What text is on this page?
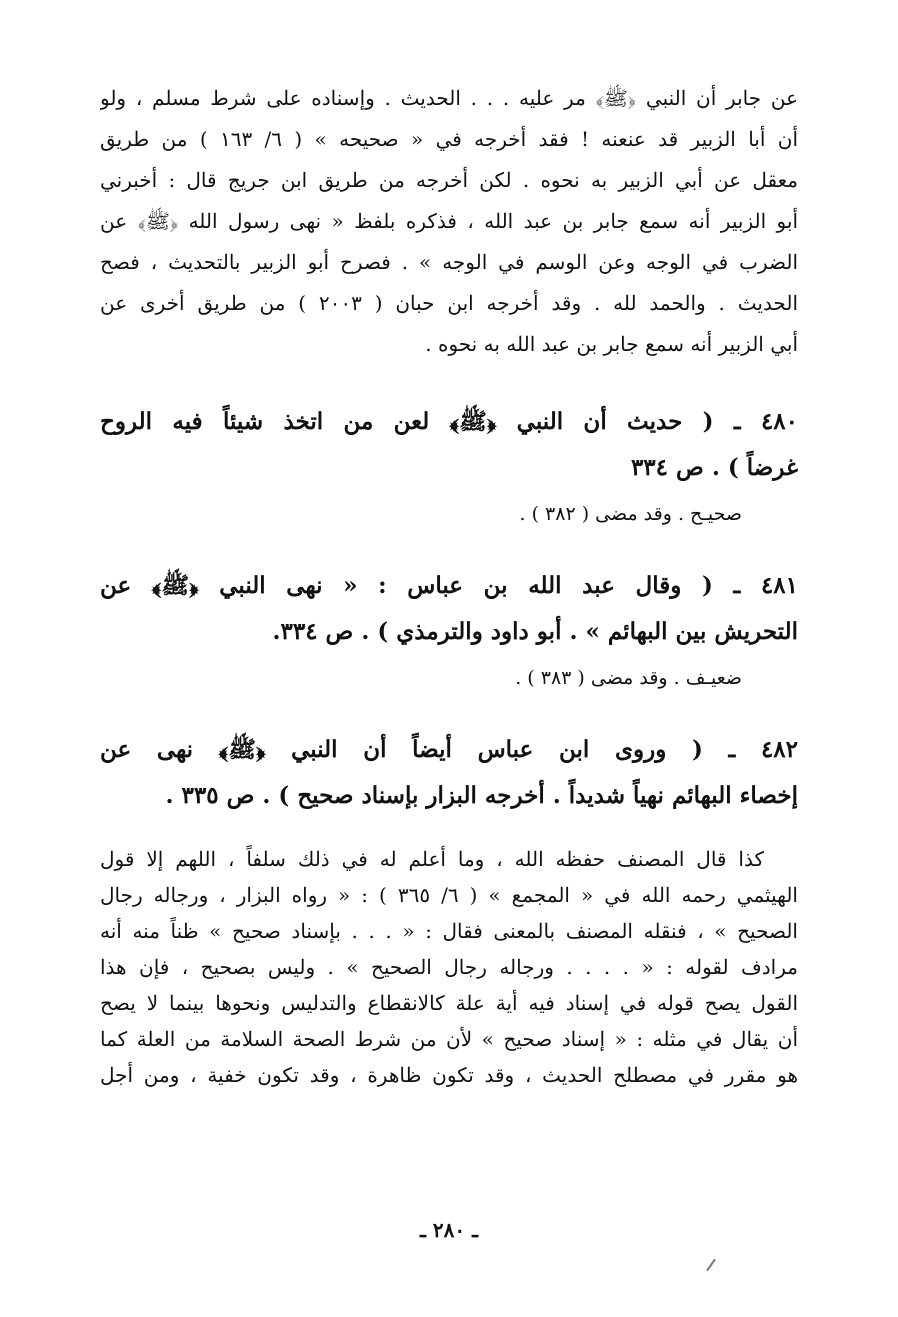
عن جابر أن النبي ﴿ﷺ﴾ مر عليه . . . الحديث . وإسناده على شرط مسلم ، ولو
أن أبا الزبير قد عنعنه ! فقد أخرجه في « صحيحه » ( ٦/ ١٦٣ ) من طريق
معقل عن أبي الزبير به نحوه . لكن أخرجه من طريق ابن جريج قال : أخبرني
أبو الزبير أنه سمع جابر بن عبد الله ، فذكره بلفظ « نهى رسول الله ﴿ﷺ﴾ عن
الضرب في الوجه وعن الوسم في الوجه » . فصرح أبو الزبير بالتحديث ، فصح
الحديث . والحمد لله . وقد أخرجه ابن حبان ( ٢٠٠٣ ) من طريق أخرى عن
أبي الزبير أنه سمع جابر بن عبد الله به نحوه .
٤٨٠ ـ ( حديث أن النبي ﴿ﷺ﴾ لعن من اتخذ شيئاً فيه الروح
غرضاً ) . ص ٣٣٤
صحيـح . وقد مضى ( ٣٨٢ ) .
٤٨١ ـ ( وقال عبد الله بن عباس : « نهى النبي ﴿ﷺ﴾ عن
التحريش بين البهائم » . أبو داود والترمذي ) . ص ٣٣٤.
ضعيـف . وقد مضى ( ٣٨٣ ) .
٤٨٢ ـ ( وروى ابن عباس أيضاً أن النبي ﴿ﷺ﴾ نهى عن
إخصاء البهائم نهياً شديداً . أخرجه البزار بإسناد صحيح ) . ص ٣٣٥ .
كذا قال المصنف حفظه الله ، وما أعلم له في ذلك سلفاً ، اللهم إلا قول
الهيثمي رحمه الله في « المجمع » ( ٦/ ٣٦٥ ) : « رواه البزار ، ورجاله رجال
الصحيح » ، فنقله المصنف بالمعنى فقال : « . . . بإسناد صحيح » ظناً منه أنه
مرادف لقوله : « . . . . ورجاله رجال الصحيح » . وليس بصحيح ، فإن هذا
القول يصح قوله في إسناد فيه أية علة كالانقطاع والتدليس ونحوها بينما لا يصح
أن يقال في مثله : « إسناد صحيح » لأن من شرط الصحة السلامة من العلة كما
هو مقرر في مصطلح الحديث ، وقد تكون ظاهرة ، وقد تكون خفية ، ومن أجل
ـ ٢٨٠ ـ
